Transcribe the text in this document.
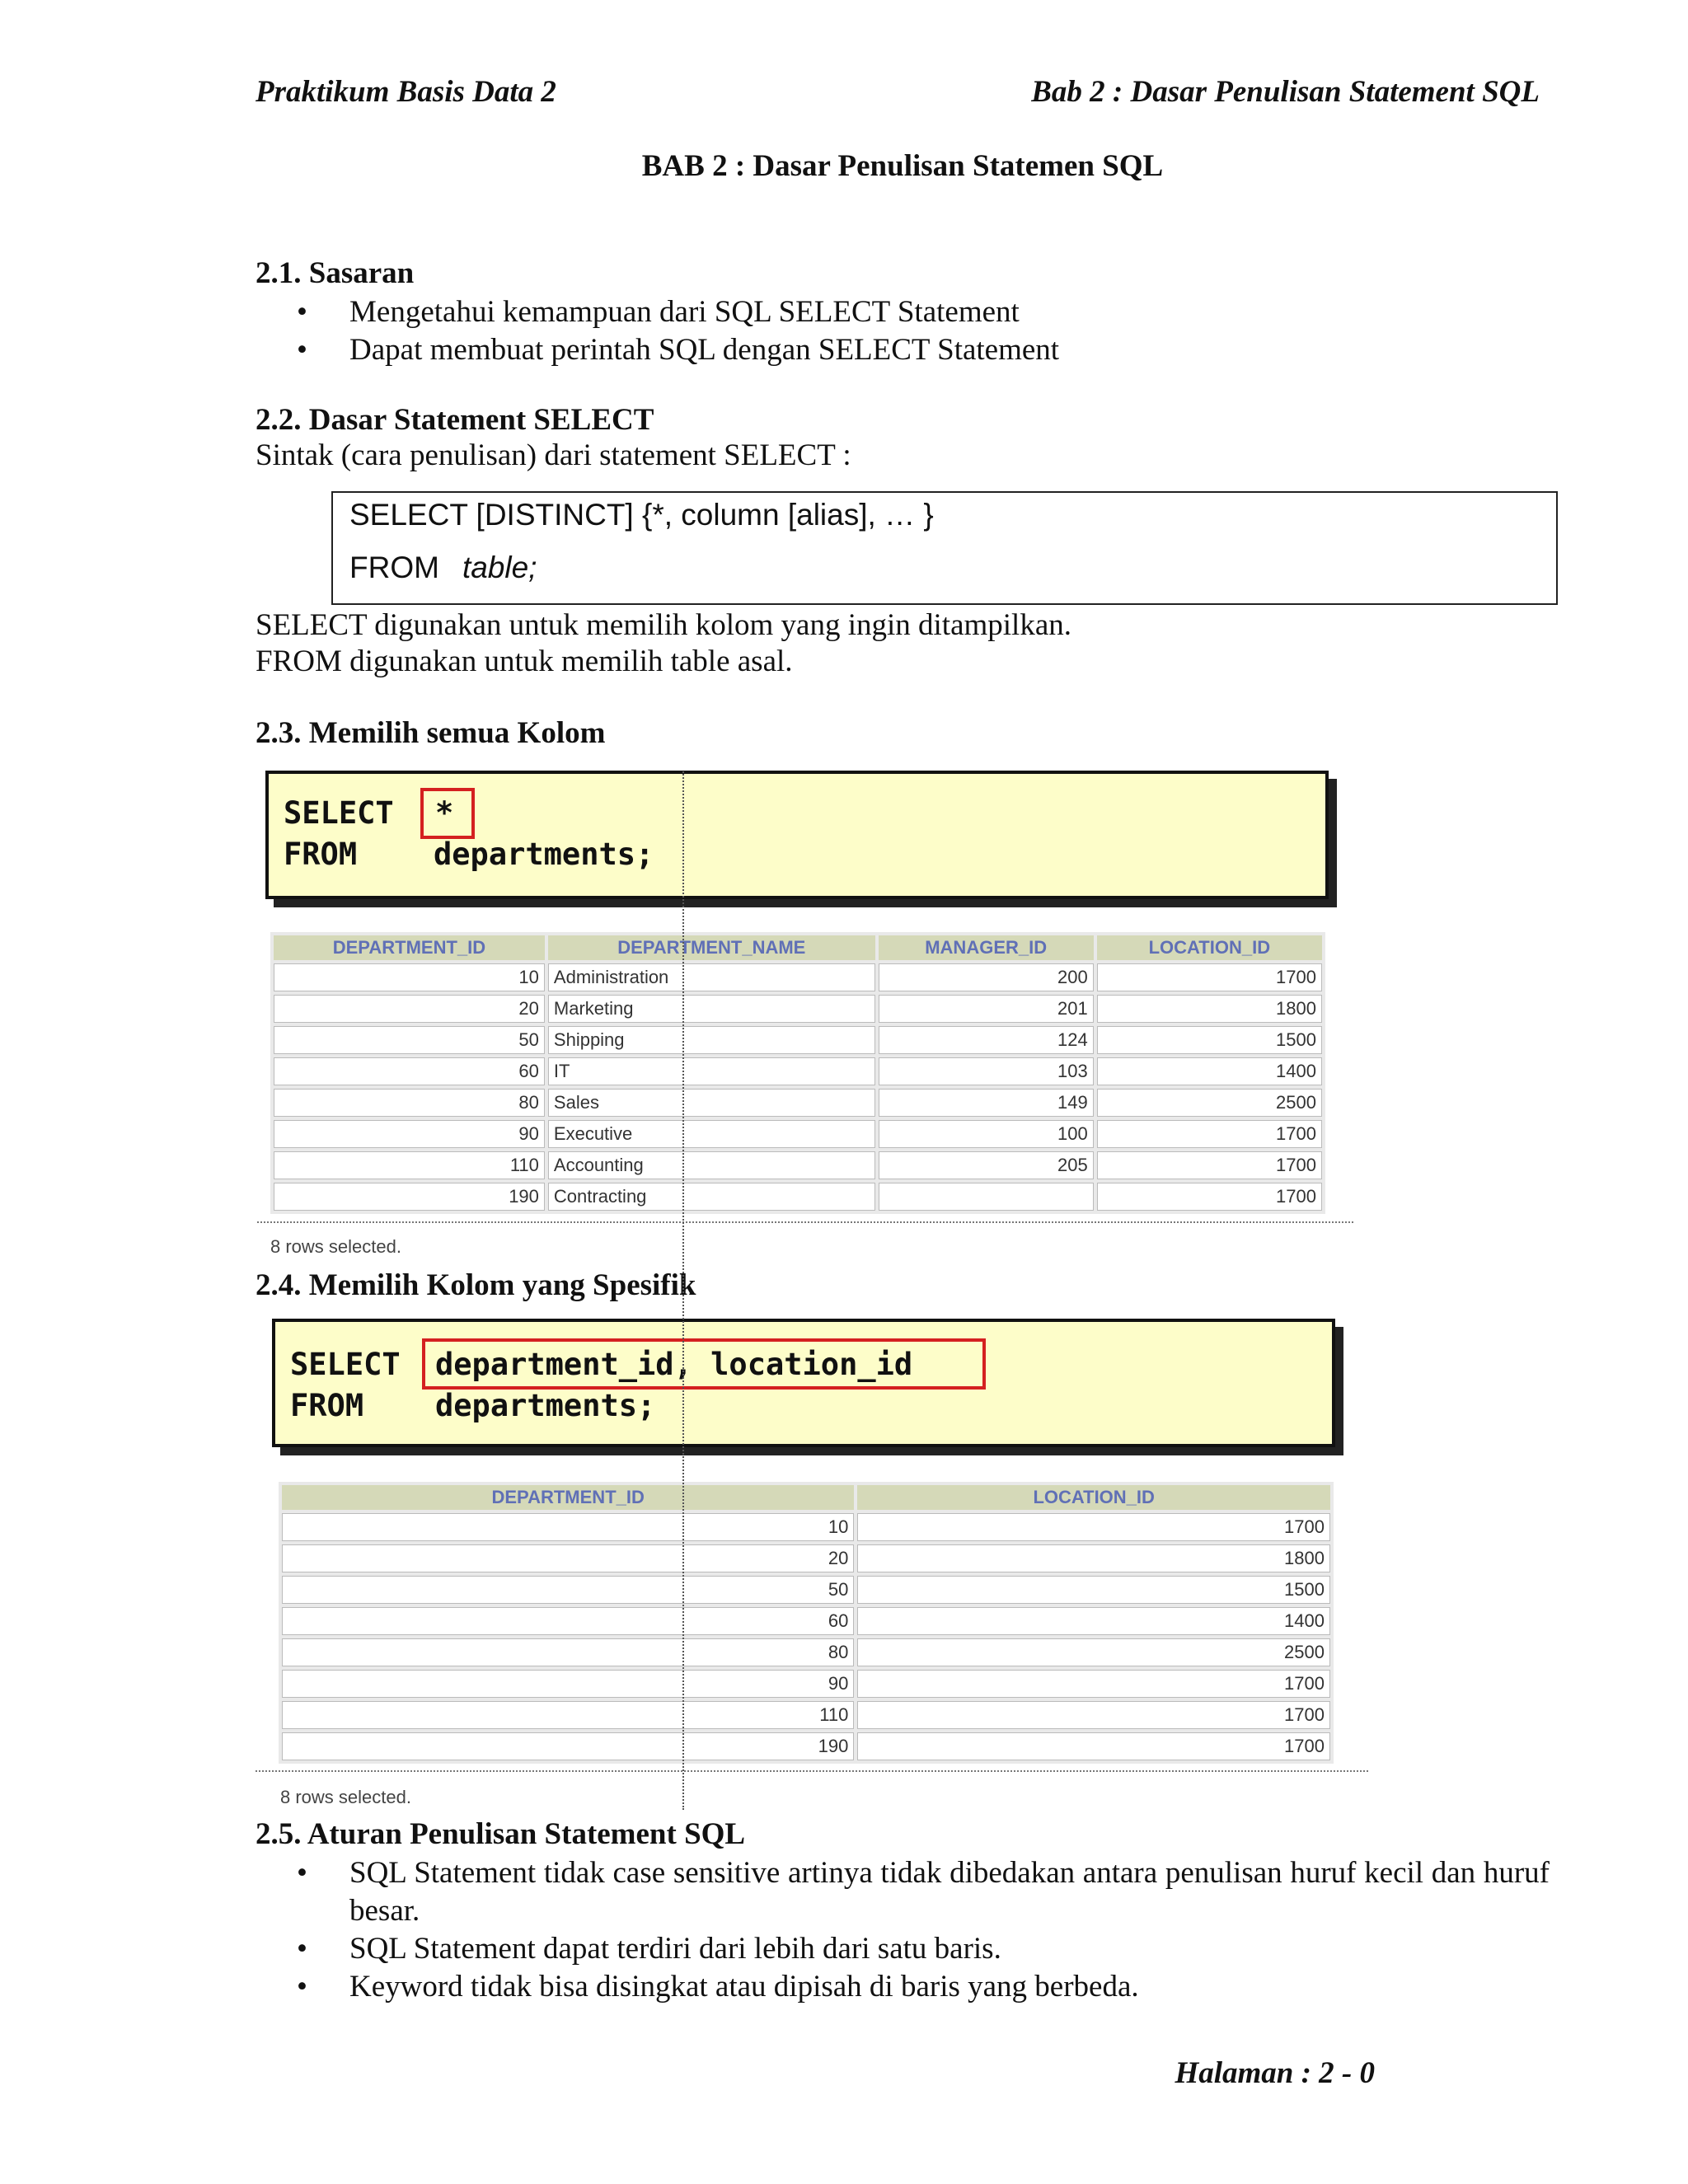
Praktikum Basis Data 2	Bab 2 : Dasar Penulisan Statement SQL
BAB 2 : Dasar Penulisan Statemen SQL
2.1. Sasaran
• Mengetahui kemampuan dari SQL SELECT Statement
• Dapat membuat perintah SQL dengan SELECT Statement
2.2. Dasar Statement SELECT
Sintak (cara penulisan) dari statement SELECT :
SELECT [DISTINCT] {*, column [alias], … }
FROM table;
SELECT digunakan untuk memilih kolom yang ingin ditampilkan.
FROM digunakan untuk memilih table asal.
2.3. Memilih semua Kolom
SELECT *
FROM	departments;
DEPARTMENT_ID	DEPARTMENT_NAME	MANAGER_ID	LOCATION_ID
10	Administration	200	1700
20	Marketing	201	1800
50	Shipping	124	1500
60	IT	103	1400
80	Sales	149	2500
90	Executive	100	1700
110	Accounting	205	1700
190	Contracting		1700
8 rows selected.
2.4. Memilih Kolom yang Spesifik
SELECT department_id, location_id
FROM departments;
DEPARTMENT_ID	LOCATION_ID
10	1700
20	1800
50	1500
60	1400
80	2500
90	1700
110	1700
190	1700
8 rows selected.
2.5. Aturan Penulisan Statement SQL
• SQL Statement tidak case sensitive artinya tidak dibedakan antara penulisan huruf kecil dan huruf besar.
• SQL Statement dapat terdiri dari lebih dari satu baris.
• Keyword tidak bisa disingkat atau dipisah di baris yang berbeda.
Halaman : 2 - 0
